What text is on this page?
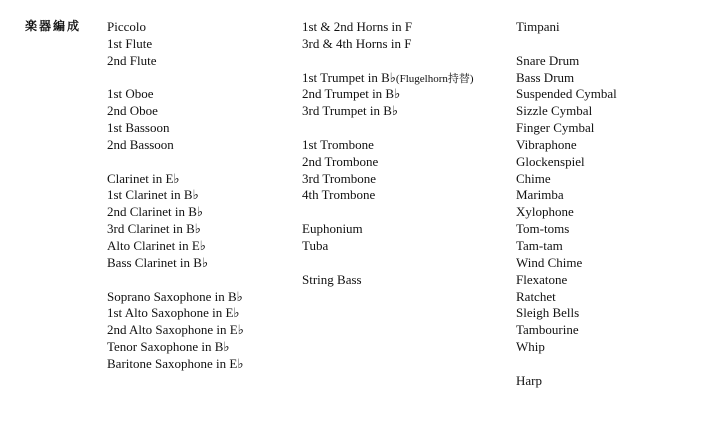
楽器編成 Piccolo
1st Flute
2nd Flute
1st Oboe
2nd Oboe
1st Bassoon
2nd Bassoon
Clarinet in E♭
1st Clarinet in B♭
2nd Clarinet in B♭
3rd Clarinet in B♭
Alto Clarinet in E♭
Bass Clarinet in B♭
Soprano Saxophone in B♭
1st Alto Saxophone in E♭
2nd Alto Saxophone in E♭
Tenor Saxophone in B♭
Baritone Saxophone in E♭
1st & 2nd Horns in F
3rd & 4th Horns in F
1st Trumpet in B♭(Flugelhorn持替)
2nd Trumpet in B♭
3rd Trumpet in B♭
1st Trombone
2nd Trombone
3rd Trombone
4th Trombone
Euphonium
Tuba
String Bass
Timpani
Snare Drum
Bass Drum
Suspended Cymbal
Sizzle Cymbal
Finger Cymbal
Vibraphone
Glockenspiel
Chime
Marimba
Xylophone
Tom-toms
Tam-tam
Wind Chime
Flexatone
Ratchet
Sleigh Bells
Tambourine
Whip
Harp
